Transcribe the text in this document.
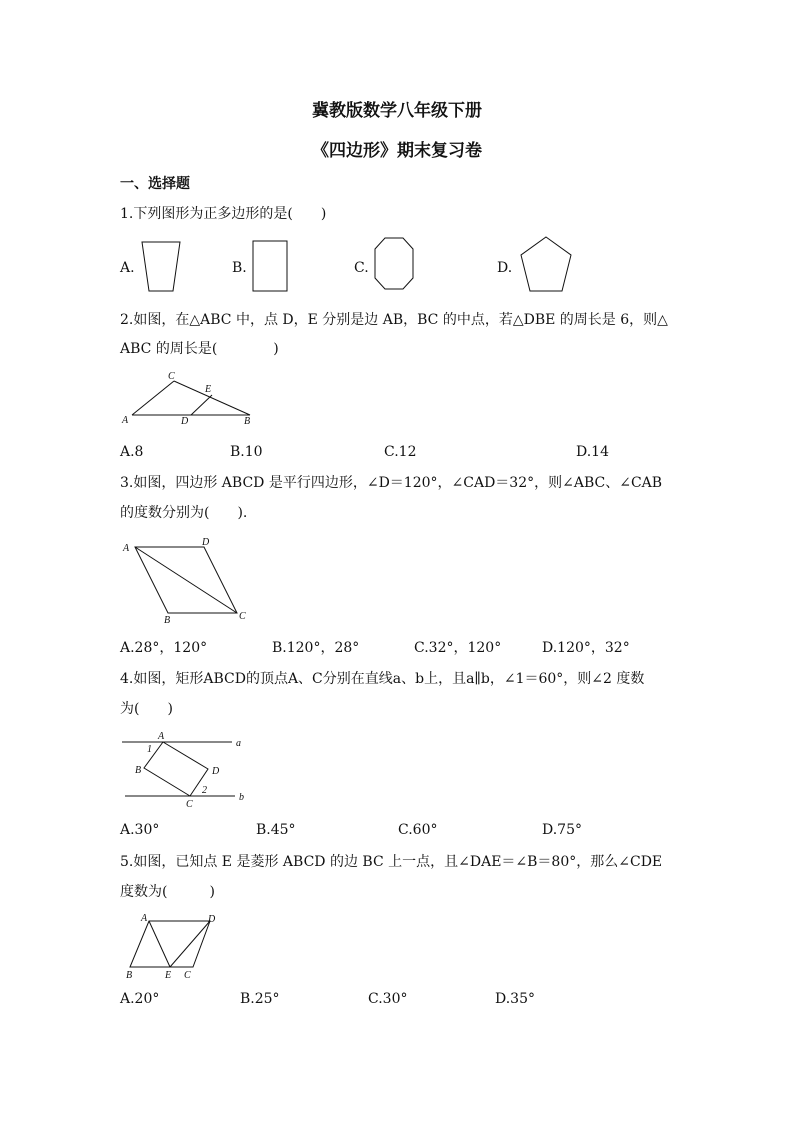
冀教版数学八年级下册
《四边形》期末复习卷
一、选择题
1.下列图形为正多边形的是(　　)
A.	B.	C.	D.
2.如图，在△ABC 中，点 D，E 分别是边 AB，BC 的中点，若△DBE 的周长是 6，则△
ABC 的周长是(　　　　)
A	B
C
D
E
A.8	B.10	C.12	D.14
3.如图，四边形 ABCD 是平行四边形，∠D＝120°，∠CAD＝32°，则∠ABC、∠CAB
的度数分别为(　　).
A
B	C
D
A.28°，120°	B.120°，28°	C.32°，120°	D.120°，32°
4.如图，矩形ABCD的顶点A、C分别在直线a、b上，且a∥b，∠1＝60°，则∠2 度数
为(　　)
a
b
A
B
C
D
1
2
A.30°	B.45°	C.60°	D.75°
5.如图，已知点 E 是菱形 ABCD 的边 BC 上一点，且∠DAE＝∠B＝80°，那么∠CDE
度数为(　　　)
A
B	C
D
E
A.20°	B.25°	C.30°	D.35°
